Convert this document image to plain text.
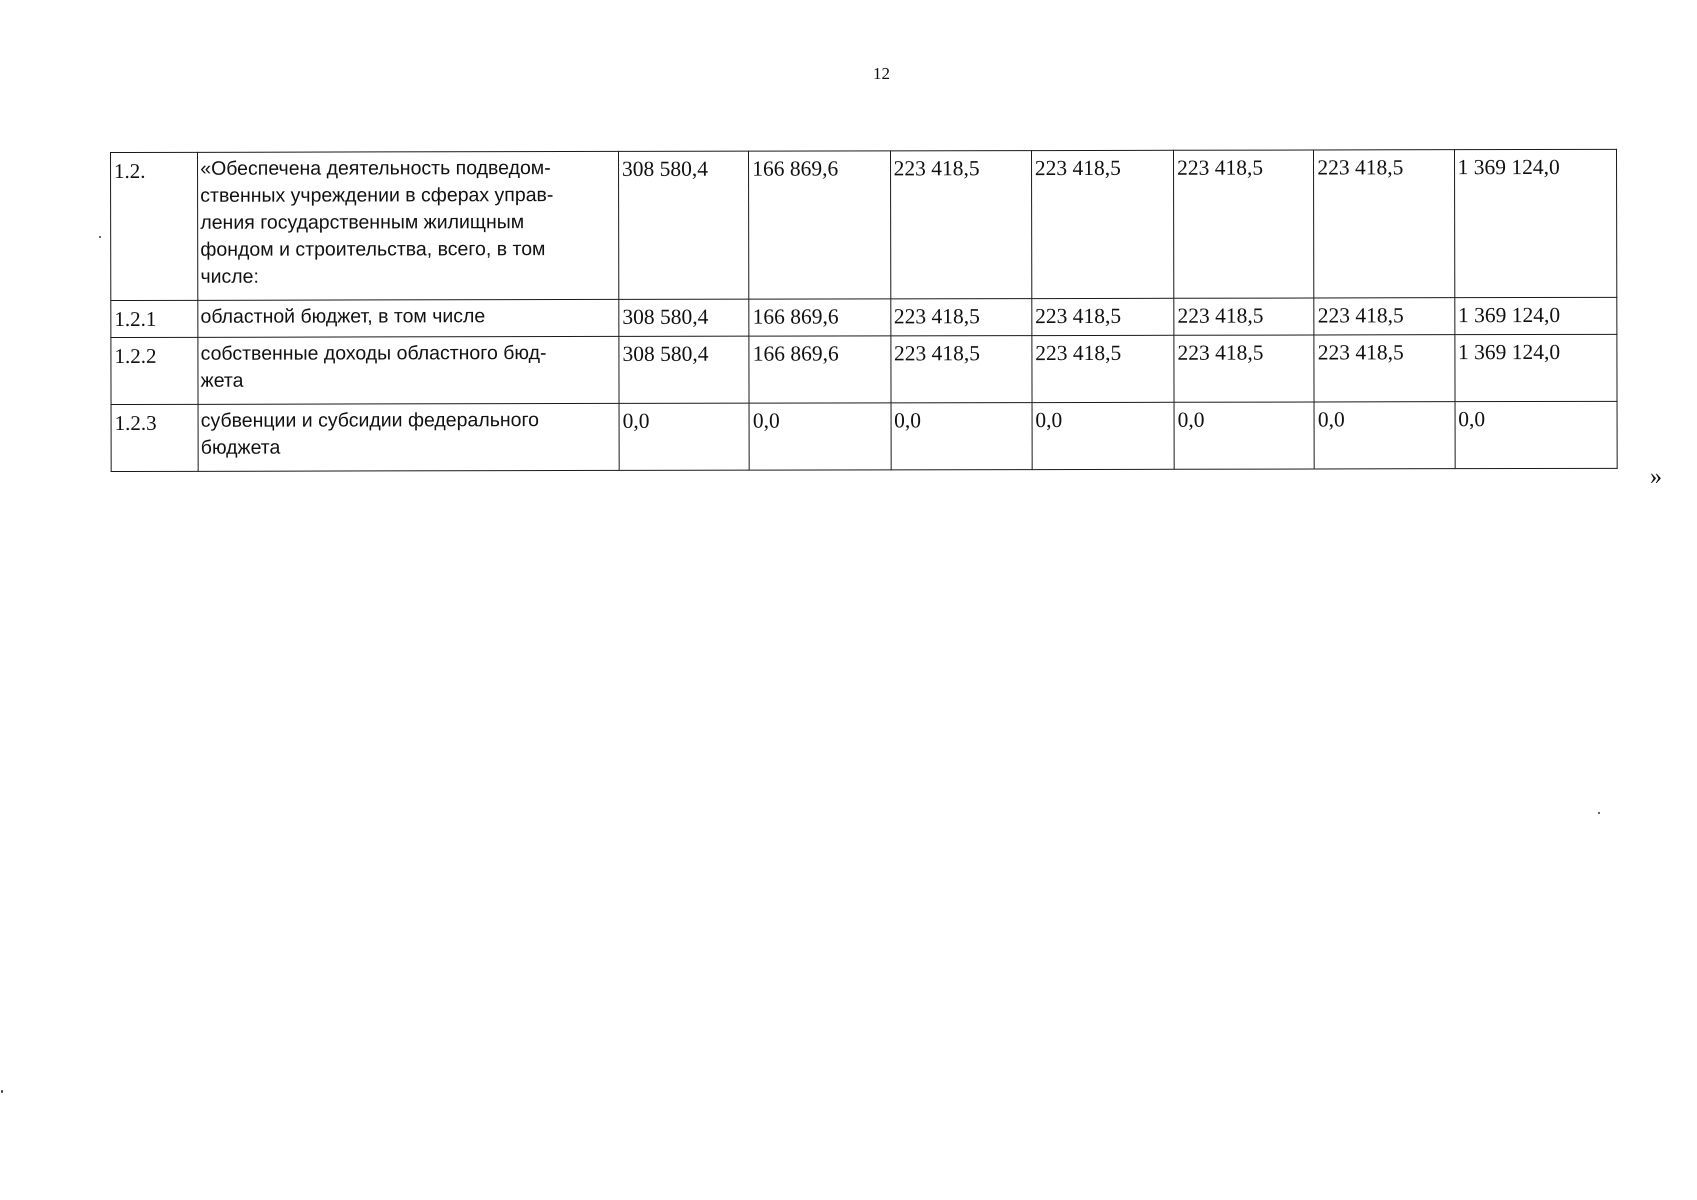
12
1.2.	«Обеспечена деятельность подведом-
ственных учреждении в сферах управ-
ления государственным жилищным
фондом и строительства, всего, в том
числе:	308 580,4	166 869,6	223 418,5	223 418,5	223 418,5	223 418,5	1 369 124,0
1.2.1	областной бюджет, в том числе	308 580,4	166 869,6	223 418,5	223 418,5	223 418,5	223 418,5	1 369 124,0
1.2.2	собственные доходы областного бюд-
жета	308 580,4	166 869,6	223 418,5	223 418,5	223 418,5	223 418,5	1 369 124,0
1.2.3	субвенции и субсидии федерального
бюджета	0,0	0,0	0,0	0,0	0,0	0,0	0,0
»
